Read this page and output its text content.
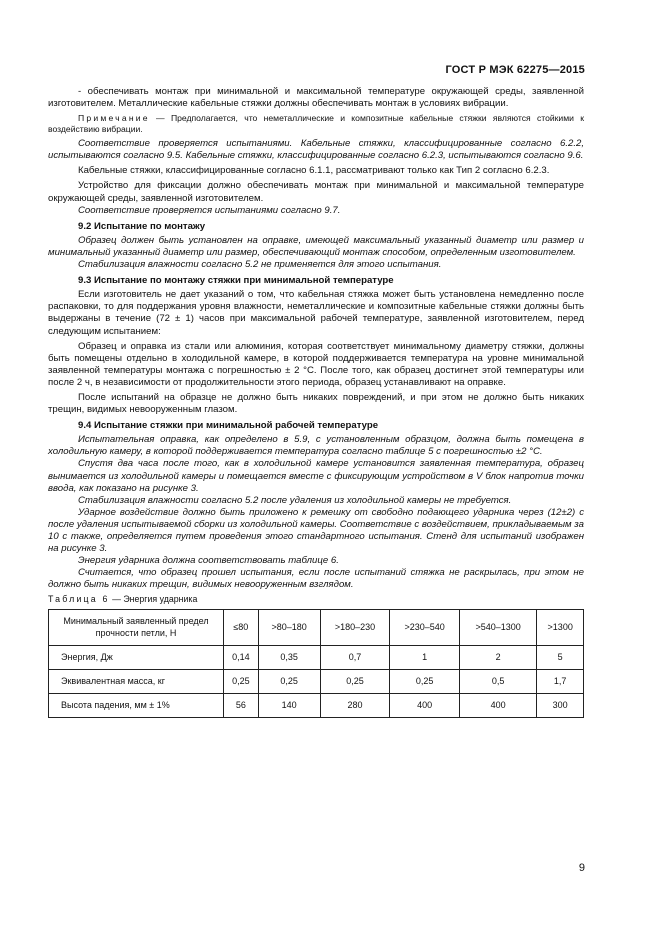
ГОСТ Р МЭК 62275—2015

- обеспечивать монтаж при минимальной и максимальной температуре окружающей среды, заявленной изготовителем. Металлические кабельные стяжки должны обеспечивать монтаж в условиях вибрации.

Примечание — Предполагается, что неметаллические и композитные кабельные стяжки являются стойкими к воздействию вибрации.

Соответствие проверяется испытаниями. Кабельные стяжки, классифицированные согласно 6.2.2, испытываются согласно 9.5. Кабельные стяжки, классифицированные согласно 6.2.3, испытываются согласно 9.6.

Кабельные стяжки, классифицированные согласно 6.1.1, рассматривают только как Тип 2 согласно 6.2.3.

Устройство для фиксации должно обеспечивать монтаж при минимальной и максимальной температуре окружающей среды, заявленной изготовителем.

Соответствие проверяется испытаниями согласно 9.7.

9.2 Испытание по монтажу

Образец должен быть установлен на оправке, имеющей максимальный указанный диаметр или размер и минимальный указанный диаметр или размер, обеспечивающий монтаж способом, определенным изготовителем.

Стабилизация влажности согласно 5.2 не применяется для этого испытания.

9.3 Испытание по монтажу стяжки при минимальной температуре

Если изготовитель не дает указаний о том, что кабельная стяжка может быть установлена немедленно после распаковки, то для поддержания уровня влажности, неметаллические и композитные кабельные стяжки должны быть выдержаны в течение (72 ± 1) часов при максимальной рабочей температуре, заявленной изготовителем, перед следующим испытанием:

Образец и оправка из стали или алюминия, которая соответствует минимальному диаметру стяжки, должны быть помещены отдельно в холодильной камере, в которой поддерживается температура на уровне минимальной заявленной температуры монтажа с погрешностью ± 2 °С. После того, как образец достигнет этой температуры или после 2 ч, в независимости от продолжительности этого периода, образец устанавливают на оправке.

После испытаний на образце не должно быть никаких повреждений, и при этом не должно быть никаких трещин, видимых невооруженным глазом.

9.4 Испытание стяжки при минимальной рабочей температуре

Испытательная оправка, как определено в 5.9, с установленным образцом, должна быть помещена в холодильную камеру, в которой поддерживается температура согласно таблице 5 с погрешностью ±2 °С.

Спустя два часа после того, как в холодильной камере установится заявленная температура, образец вынимается из холодильной камеры и помещается вместе с фиксирующим устройством в V блок напротив точки ввода, как показано на рисунке 3.

Стабилизация влажности согласно 5.2 после удаления из холодильной камеры не требуется.

Ударное воздействие должно быть приложено к ремешку от свободно подающего ударника через (12±2) с после удаления испытываемой сборки из холодильной камеры. Соответствие с воздействием, прикладываемым за 10 с также, определяется путем проведения этого стандартного испытания. Стенд для испытаний изображен на рисунке 3.

Энергия ударника должна соответствовать таблице 6.

Считается, что образец прошел испытания, если после испытаний стяжка не раскрылась, при этом не должно быть никаких трещин, видимых невооруженным взглядом.

Таблица 6 — Энергия ударника
Минимальный заявленный предел прочности петли, Н	≤80	>80–180	>180–230	>230–540	>540–1300	>1300
Энергия, Дж	0,14	0,35	0,7	1	2	5
Эквивалентная масса, кг	0,25	0,25	0,25	0,25	0,5	1,7
Высота падения, мм ± 1%	56	140	280	400	400	300
9
